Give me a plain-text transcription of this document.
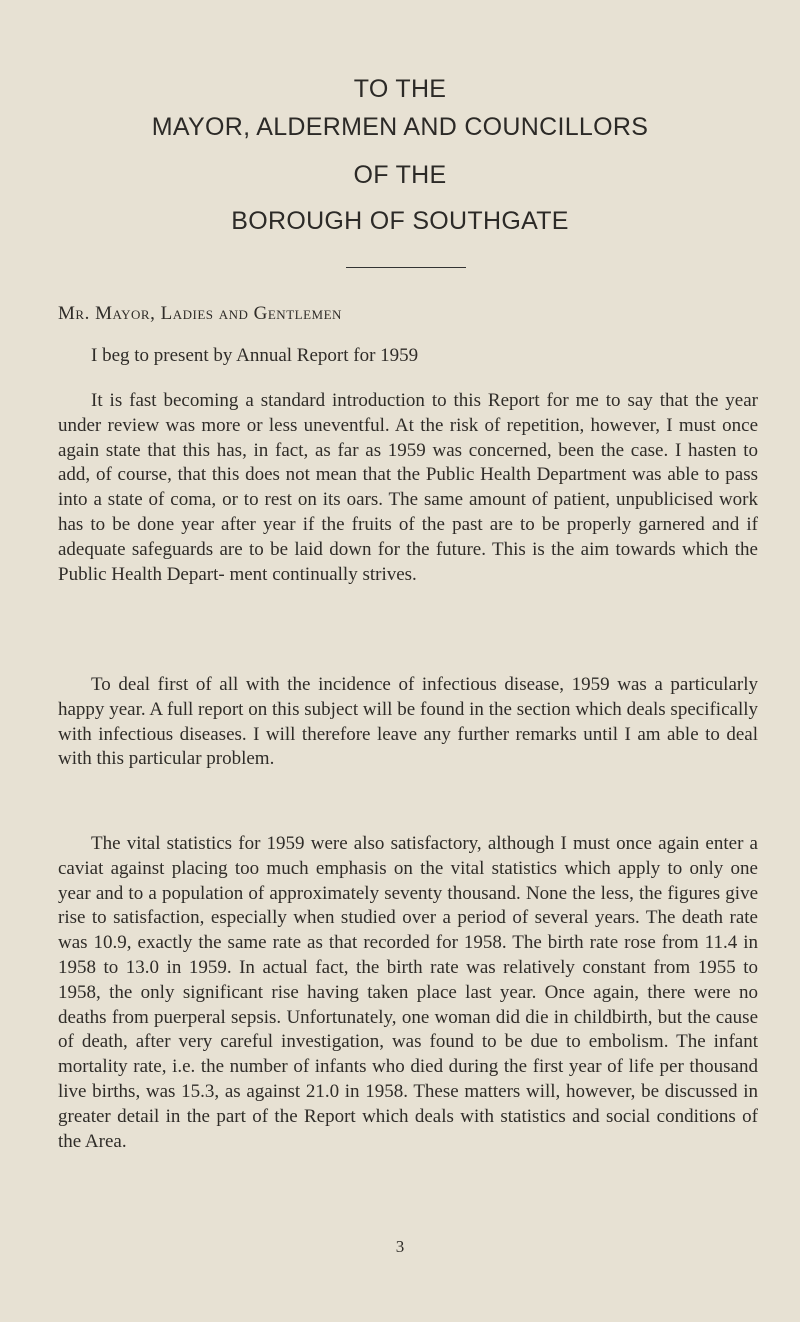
TO THE
MAYOR, ALDERMEN AND COUNCILLORS
OF THE
BOROUGH OF SOUTHGATE
Mr. Mayor, Ladies and Gentlemen
I beg to present by Annual Report for 1959

It is fast becoming a standard introduction to this Report for me to say that the year under review was more or less uneventful. At the risk of repetition, however, I must once again state that this has, in fact, as far as 1959 was concerned, been the case. I hasten to add, of course, that this does not mean that the Public Health Department was able to pass into a state of coma, or to rest on its oars. The same amount of patient, unpublicised work has to be done year after year if the fruits of the past are to be properly garnered and if adequate safeguards are to be laid down for the future. This is the aim towards which the Public Health Depart- ment continually strives.

To deal first of all with the incidence of infectious disease, 1959 was a particularly happy year. A full report on this subject will be found in the section which deals specifically with infectious diseases. I will therefore leave any further remarks until I am able to deal with this particular problem.

The vital statistics for 1959 were also satisfactory, although I must once again enter a caviat against placing too much emphasis on the vital statistics which apply to only one year and to a population of approximately seventy thousand. None the less, the figures give rise to satisfaction, especially when studied over a period of several years. The death rate was 10.9, exactly the same rate as that recorded for 1958. The birth rate rose from 11.4 in 1958 to 13.0 in 1959. In actual fact, the birth rate was relatively constant from 1955 to 1958, the only significant rise having taken place last year. Once again, there were no deaths from puerperal sepsis. Unfortunately, one woman did die in childbirth, but the cause of death, after very careful investigation, was found to be due to embolism. The infant mortality rate, i.e. the number of infants who died during the first year of life per thousand live births, was 15.3, as against 21.0 in 1958. These matters will, however, be discussed in greater detail in the part of the Report which deals with statistics and social conditions of the Area.

3
